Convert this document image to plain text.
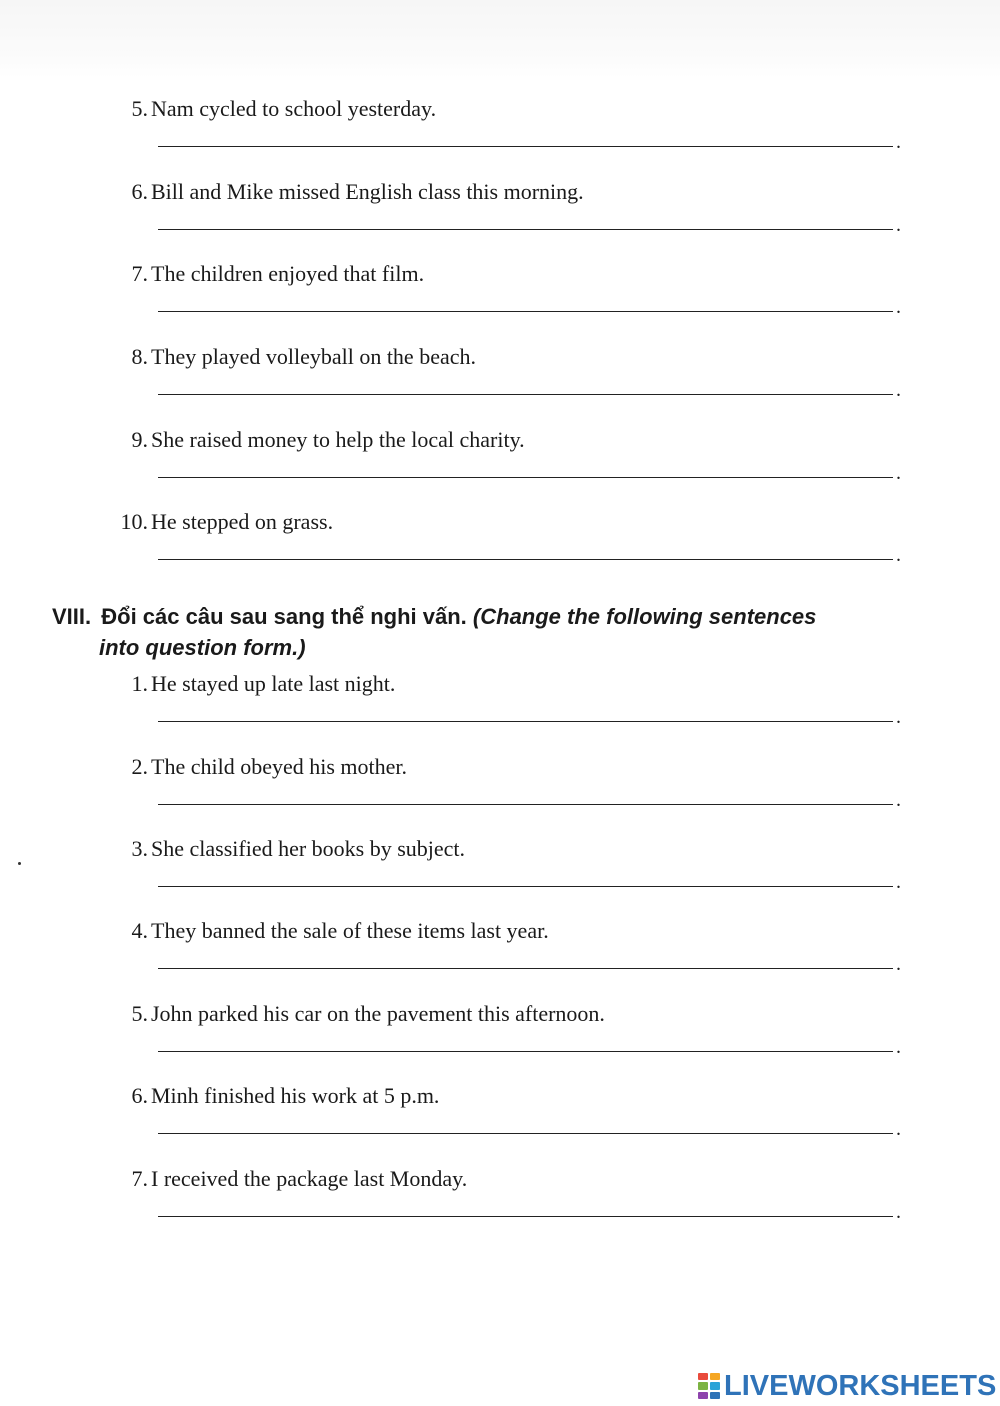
5. Nam cycled to school yesterday.
.
6. Bill and Mike missed English class this morning.
.
7. The children enjoyed that film.
.
8. They played volleyball on the beach.
.
9. She raised money to help the local charity.
.
10. He stepped on grass.
.
VIII. Đổi các câu sau sang thể nghi vấn. (Change the following sentences
into question form.)
1. He stayed up late last night.
.
2. The child obeyed his mother.
.
3. She classified her books by subject.
.
4. They banned the sale of these items last year.
.
5. John parked his car on the pavement this afternoon.
.
6. Minh finished his work at 5 p.m.
.
7. I received the package last Monday.
.
LIVEWORKSHEETS
